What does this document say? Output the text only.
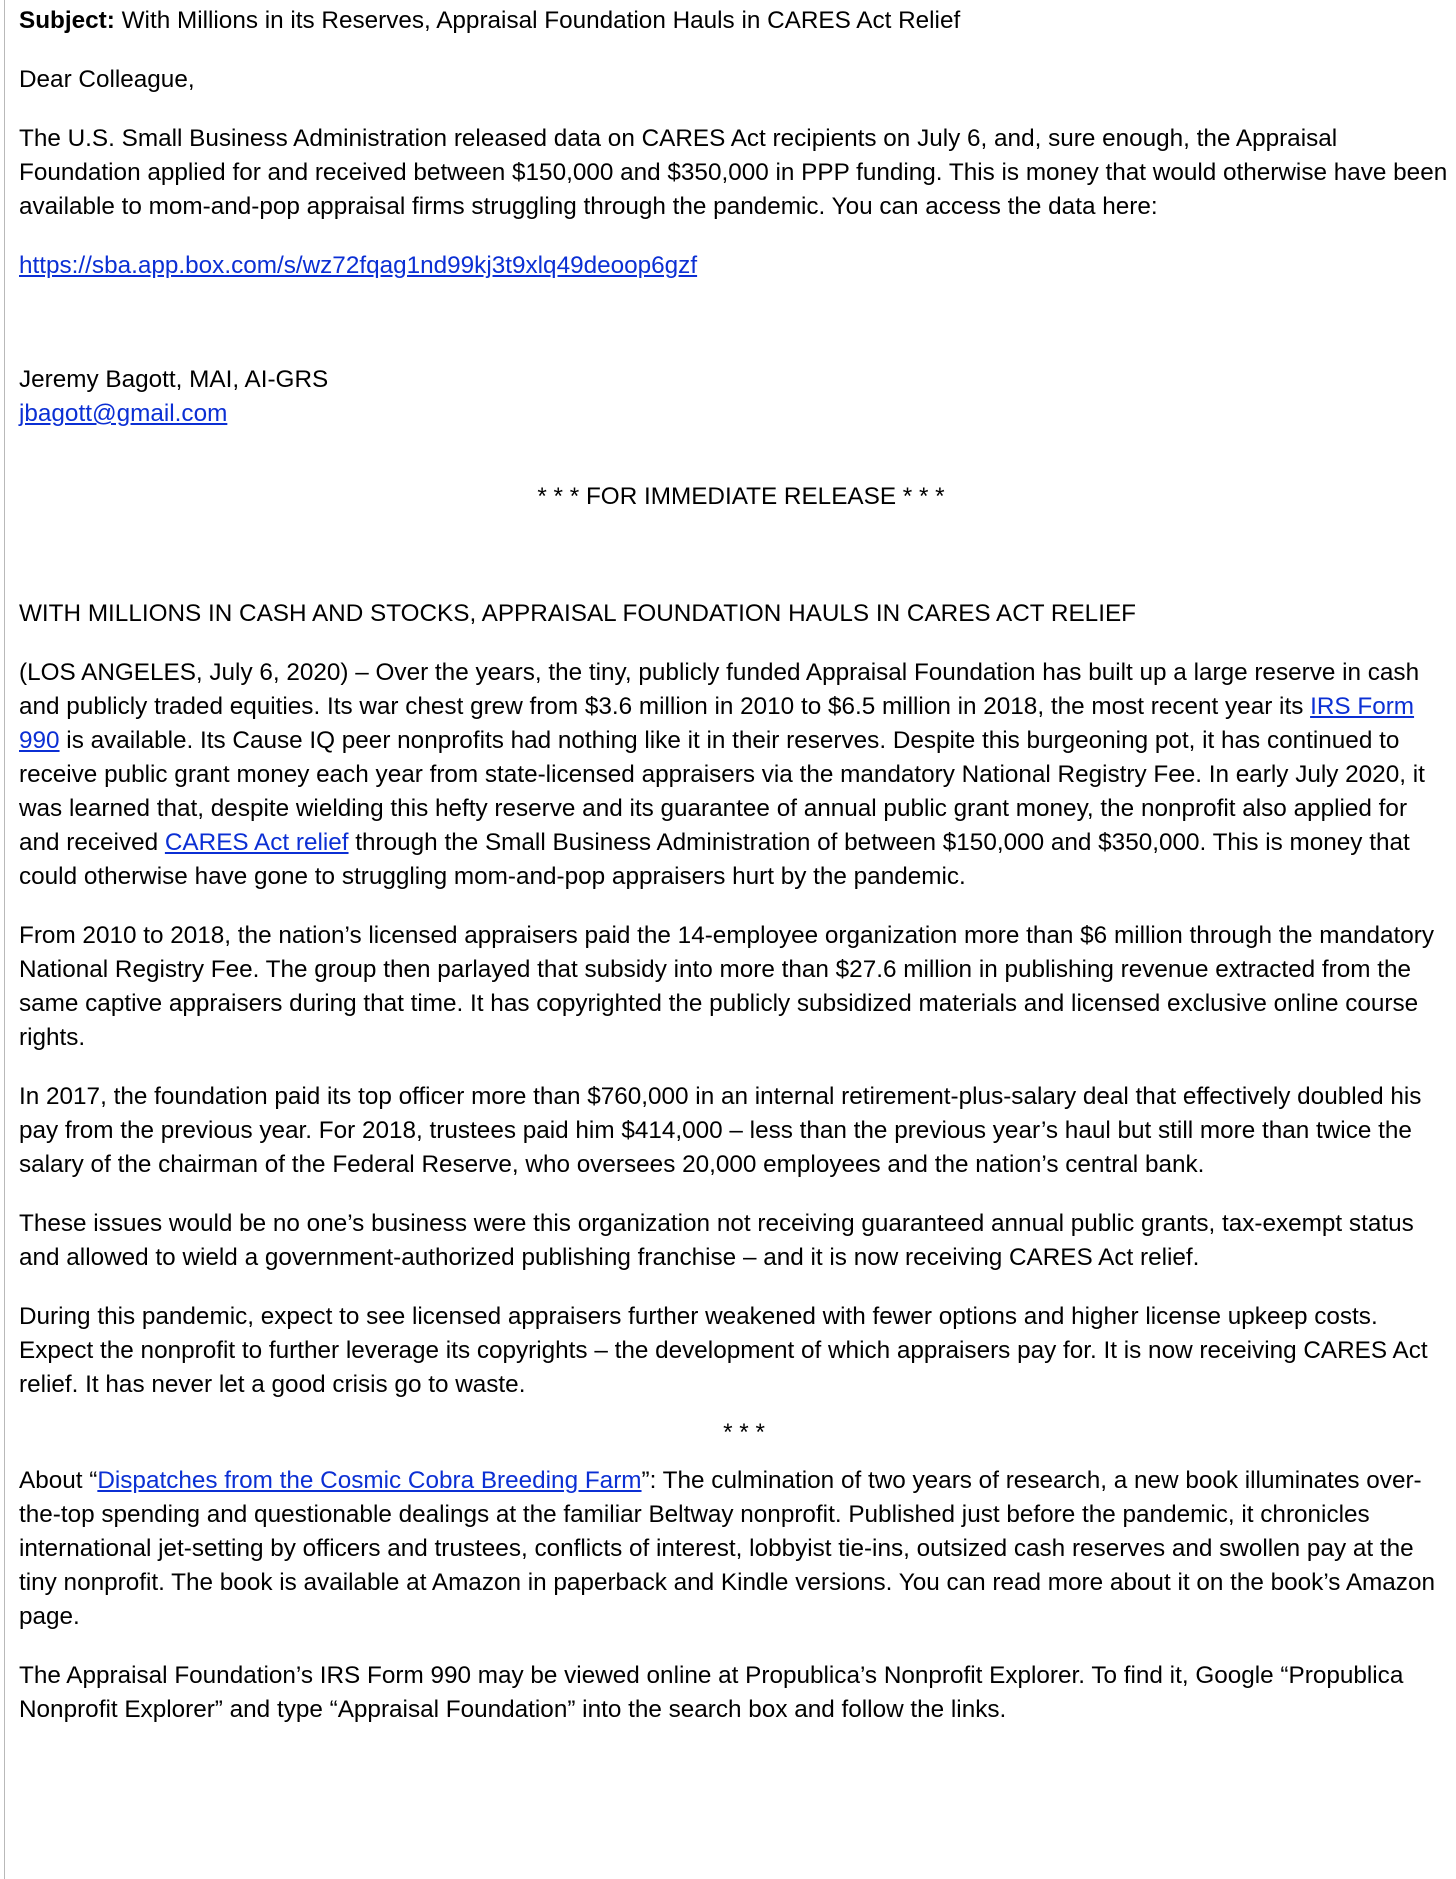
Subject: With Millions in its Reserves, Appraisal Foundation Hauls in CARES Act Relief

Dear Colleague,

The U.S. Small Business Administration released data on CARES Act recipients on July 6, and, sure enough, the Appraisal Foundation applied for and received between $150,000 and $350,000 in PPP funding. This is money that would otherwise have been available to mom-and-pop appraisal firms struggling through the pandemic. You can access the data here:

https://sba.app.box.com/s/wz72fqag1nd99kj3t9xlq49deoop6gzf

Jeremy Bagott, MAI, AI-GRS

jbagott@gmail.com

* * * FOR IMMEDIATE RELEASE * * *

WITH MILLIONS IN CASH AND STOCKS, APPRAISAL FOUNDATION HAULS IN CARES ACT RELIEF

(LOS ANGELES, July 6, 2020) – Over the years, the tiny, publicly funded Appraisal Foundation has built up a large reserve in cash and publicly traded equities. Its war chest grew from $3.6 million in 2010 to $6.5 million in 2018, the most recent year its IRS Form 990 is available. Its Cause IQ peer nonprofits had nothing like it in their reserves. Despite this burgeoning pot, it has continued to receive public grant money each year from state-licensed appraisers via the mandatory National Registry Fee. In early July 2020, it was learned that, despite wielding this hefty reserve and its guarantee of annual public grant money, the nonprofit also applied for and received CARES Act relief through the Small Business Administration of between $150,000 and $350,000. This is money that could otherwise have gone to struggling mom-and-pop appraisers hurt by the pandemic.

From 2010 to 2018, the nation’s licensed appraisers paid the 14-employee organization more than $6 million through the mandatory National Registry Fee. The group then parlayed that subsidy into more than $27.6 million in publishing revenue extracted from the same captive appraisers during that time. It has copyrighted the publicly subsidized materials and licensed exclusive online course rights.

In 2017, the foundation paid its top officer more than $760,000 in an internal retirement-plus-salary deal that effectively doubled his pay from the previous year. For 2018, trustees paid him $414,000 – less than the previous year’s haul but still more than twice the salary of the chairman of the Federal Reserve, who oversees 20,000 employees and the nation’s central bank.

These issues would be no one’s business were this organization not receiving guaranteed annual public grants, tax-exempt status and allowed to wield a government-authorized publishing franchise – and it is now receiving CARES Act relief.

During this pandemic, expect to see licensed appraisers further weakened with fewer options and higher license upkeep costs. Expect the nonprofit to further leverage its copyrights – the development of which appraisers pay for. It is now receiving CARES Act relief. It has never let a good crisis go to waste.

* * *

About “Dispatches from the Cosmic Cobra Breeding Farm”: The culmination of two years of research, a new book illuminates over-the-top spending and questionable dealings at the familiar Beltway nonprofit. Published just before the pandemic, it chronicles international jet-setting by officers and trustees, conflicts of interest, lobbyist tie-ins, outsized cash reserves and swollen pay at the tiny nonprofit. The book is available at Amazon in paperback and Kindle versions. You can read more about it on the book’s Amazon page.

The Appraisal Foundation’s IRS Form 990 may be viewed online at Propublica’s Nonprofit Explorer. To find it, Google “Propublica Nonprofit Explorer” and type “Appraisal Foundation” into the search box and follow the links.
